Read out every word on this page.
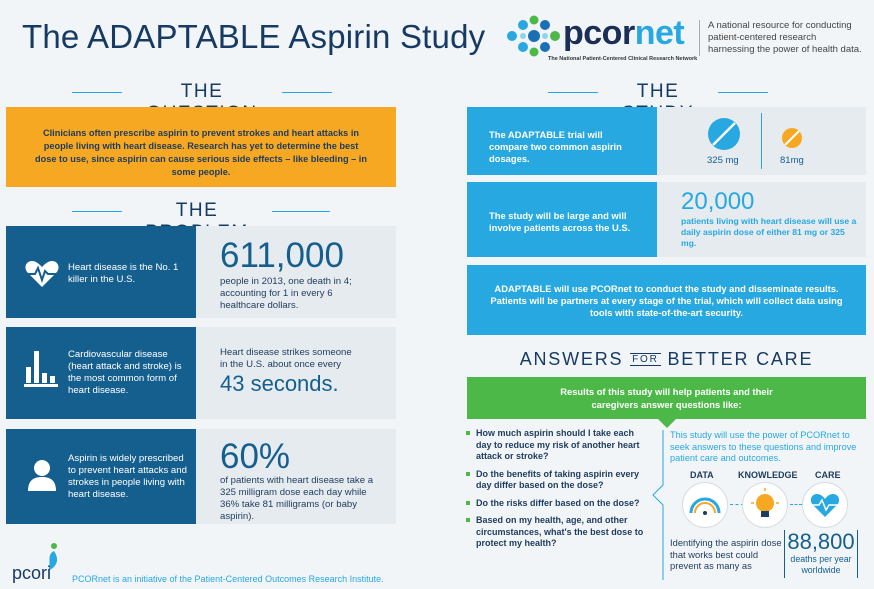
The ADAPTABLE Aspirin Study pcornet
The National Patient-Centered Clinical Research Network
A national resource for conducting patient-centered research harnessing the power of health data.
THE
Clinicians often prescribe aspirin to prevent strokes and heart attacks in people living with heart disease. Research has yet to determine the best dose to use, since aspirin can cause serious side effects – like bleeding – in some people.
THE
Heart disease is the No. 1 killer in the U.S.
611,000
people in 2013, one death in 4; accounting for 1 in every 6 healthcare dollars.
Cardiovascular disease (heart attack and stroke) is the most common form of heart disease.
Heart disease strikes someone in the U.S. about once every
43 seconds.
Aspirin is widely prescribed to prevent heart attacks and strokes in people living with heart disease.
60%
of patients with heart disease take a 325 milligram dose each day while 36% take 81 milligrams (or baby aspirin).
THE
The ADAPTABLE trial will compare two common aspirin dosages.	325 mg	81mg
The study will be large and will involve patients across the U.S.
20,000
patients living with heart disease will use a daily aspirin dose of either 81 mg or 325 mg.
ADAPTABLE will use PCORnet to conduct the study and disseminate results. Patients will be partners at every stage of the trial, which will collect data using tools with state-of-the-art security.
ANSWERS FOR BETTER CARE
Results of this study will help patients and their caregivers answer questions like:
How much aspirin should I take each day to reduce my risk of another heart attack or stroke?
Do the benefits of taking aspirin every day differ based on the dose?
Do the risks differ based on the dose?
Based on my health, age, and other circumstances, what's the best dose to protect my health?
This study will use the power of PCORnet to seek answers to these questions and improve patient care and outcomes.
DATA	KNOWLEDGE CARE
Identifying the aspirin dose that works best could prevent as many as
88,800
deaths per year worldwide
pcori PCORnet is an initiative of the Patient-Centered Outcomes Research Institute.
